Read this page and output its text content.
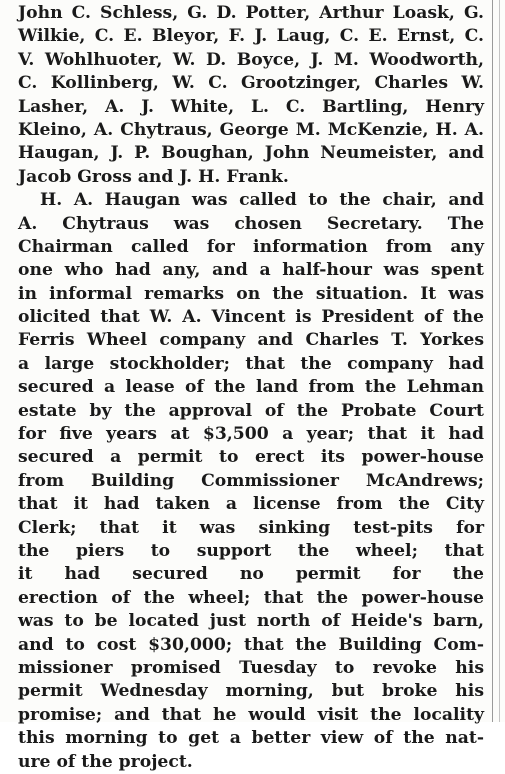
John C. Schless, G. D. Potter, Arthur Loask, G.
Wilkie, C. E. Bleyor, F. J. Laug, C. E. Ernst, C.
V. Wohlhuoter, W. D. Boyce, J. M. Woodworth,
C. Kollinberg, W. C. Grootzinger, Charles W.
Lasher, A. J. White, L. C. Bartling, Henry
Kleino, A. Chytraus, George M. McKenzie, H. A.
Haugan, J. P. Boughan, John Neumeister, and
Jacob Gross and J. H. Frank.
H. A. Haugan was called to the chair, and
A. Chytraus was chosen Secretary. The
Chairman called for information from any
one who had any, and a half-hour was spent
in informal remarks on the situation. It was
olicited that W. A. Vincent is President of the
Ferris Wheel company and Charles T. Yorkes
a large stockholder; that the company had
secured a lease of the land from the Lehman
estate by the approval of the Probate Court
for five years at $3,500 a year; that it had
secured a permit to erect its power-house
from Building Commissioner McAndrews;
that it had taken a license from the City
Clerk; that it was sinking test-pits for
the piers to support the wheel; that
it had secured no permit for the
erection of the wheel; that the power-house
was to be located just north of Heide's barn,
and to cost $30,000; that the Building Com-
missioner promised Tuesday to revoke his
permit Wednesday morning, but broke his
promise; and that he would visit the locality
this morning to get a better view of the nat-
ure of the project.
